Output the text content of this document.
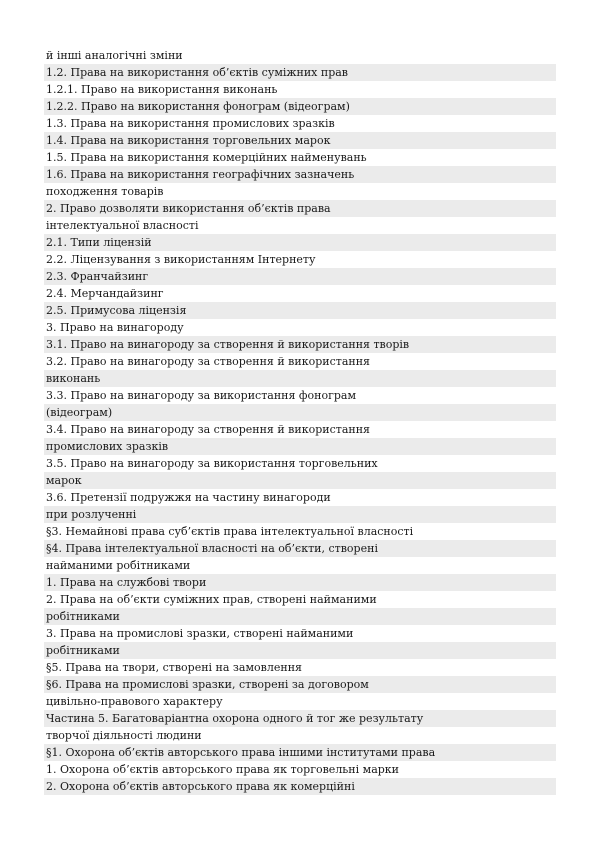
й інші аналогічні зміни
1.2. Права на використання об’єктів суміжних прав
1.2.1. Право на використання виконань
1.2.2. Право на використання фонограм (відеограм)
1.3. Права на використання промислових зразків
1.4. Права на використання торговельних марок
1.5. Права на використання комерційних найменувань
1.6. Права на використання географічних зазначень
походження товарів
2. Право дозволяти використання об’єктів права
інтелектуальної власності
2.1. Типи ліцензій
2.2. Ліцензування з використанням Інтернету
2.3. Франчайзинг
2.4. Мерчандайзинг
2.5. Примусова ліцензія
3. Право на винагороду
3.1. Право на винагороду за створення й використання творів
3.2. Право на винагороду за створення й використання
виконань
3.3. Право на винагороду за використання фонограм
(відеограм)
3.4. Право на винагороду за створення й використання
промислових зразків
3.5. Право на винагороду за використання торговельних
марок
3.6. Претензії подружжя на частину винагороди
при розлученні
§3. Немайнові права суб’єктів права інтелектуальної власності
§4. Права інтелектуальної власності на об’єкти, створені
найманими робітниками
1. Права на службові твори
2. Права на об’єкти суміжних прав, створені найманими
робітниками
3. Права на промислові зразки, створені найманими
робітниками
§5. Права на твори, створені на замовлення
§6. Права на промислові зразки, створені за договором
цивільно-правового характеру
Частина 5. Багатоваріантна охорона одного й тог же результату
творчої діяльності людини
§1. Охорона об’єктів авторського права іншими інститутами права
1. Охорона об’єктів авторського права як торговельні марки
2. Охорона об’єктів авторського права як комерційні
